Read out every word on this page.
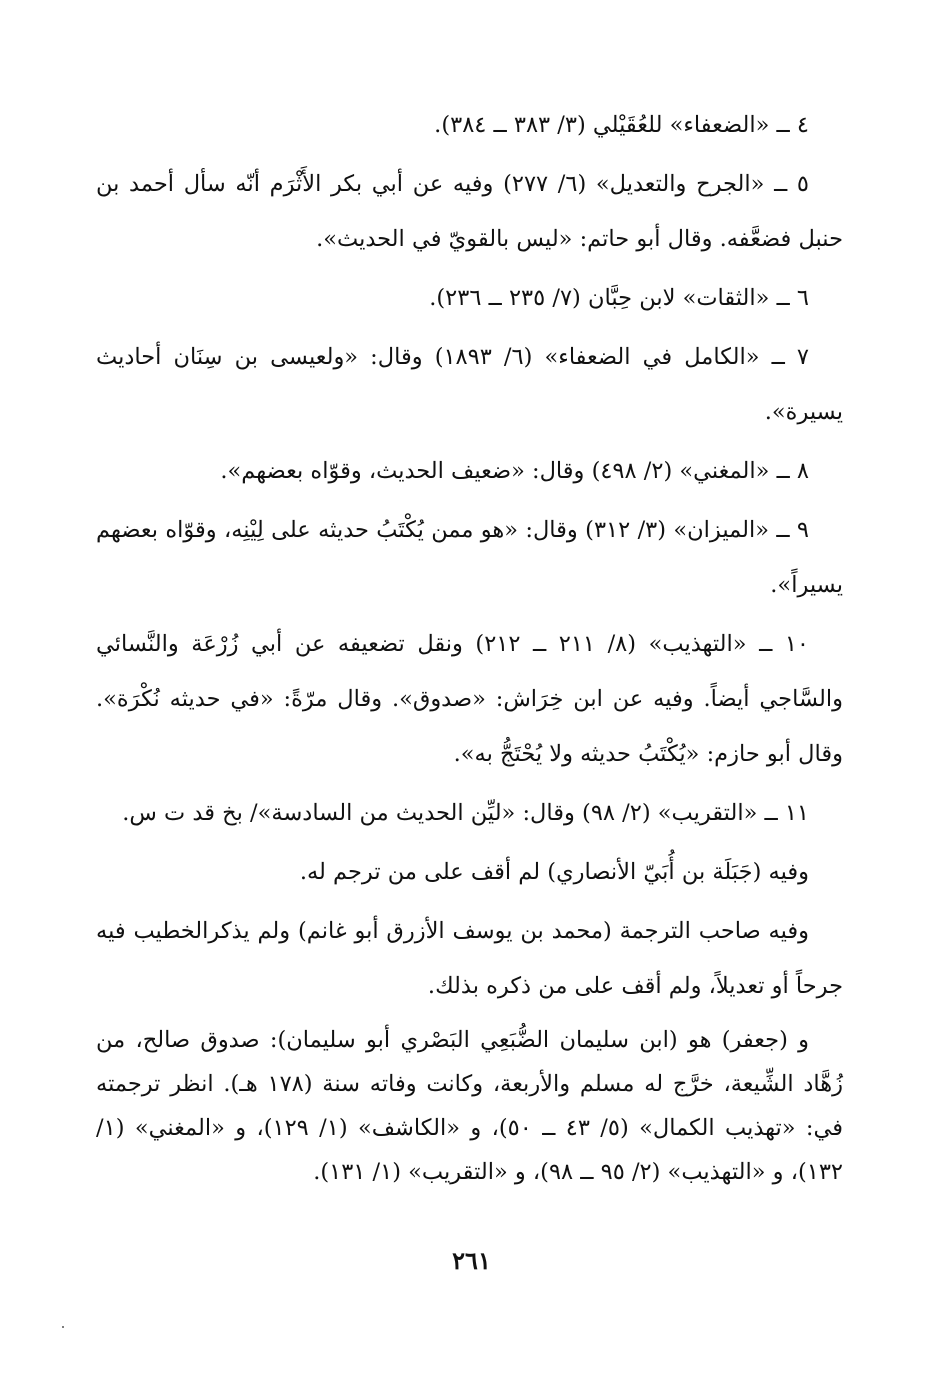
٤ ــ «الضعفاء» للعُقَيْلي (٣/ ٣٨٣ ــ ٣٨٤).

٥ ــ «الجرح والتعديل» (٦/ ٢٧٧) وفيه عن أبي بكر الأَثْرَم أنّه سأل أحمد بن حنبل فضعَّفه. وقال أبو حاتم: «ليس بالقويّ في الحديث».

٦ ــ «الثقات» لابن حِبَّان (٧/ ٢٣٥ ــ ٢٣٦).

٧ ــ «الكامل في الضعفاء» (٦/ ١٨٩٣) وقال: «ولعيسى بن سِنَان أحاديث يسيرة».

٨ ــ «المغني» (٢/ ٤٩٨) وقال: «ضعيف الحديث، وقوّاه بعضهم».

٩ ــ «الميزان» (٣/ ٣١٢) وقال: «هو ممن يُكْتَبُ حديثه على لِيْنِه، وقوّاه بعضهم يسيراً».

١٠ ــ «التهذيب» (٨/ ٢١١ ــ ٢١٢) ونقل تضعيفه عن أبي زُرْعَة والنَّسائي والسَّاجي أيضاً. وفيه عن ابن خِرَاش: «صدوق». وقال مرّةً: «في حديثه نُكْرَة». وقال أبو حازم: «يُكْتَبُ حديثه ولا يُحْتَجُّ به».

١١ ــ «التقريب» (٢/ ٩٨) وقال: «ليِّن الحديث من السادسة»/ بخ قد ت س.

وفيه (جَبَلَة بن أُبَيّ الأنصاري) لم أقف على من ترجم له.

وفيه صاحب الترجمة (محمد بن يوسف الأزرق أبو غانم) ولم يذكرالخطيب فيه جرحاً أو تعديلاً، ولم أقف على من ذكره بذلك.

و (جعفر) هو (ابن سليمان الضُّبَعِي البَصْري أبو سليمان): صدوق صالح، من زُهَّاد الشِّيعة، خرَّج له مسلم والأربعة، وكانت وفاته سنة (١٧٨ هـ). انظر ترجمته في: «تهذيب الكمال» (٥/ ٤٣ ــ ٥٠)، و «الكاشف» (١/ ١٢٩)، و «المغني» (١/ ١٣٢)، و «التهذيب» (٢/ ٩٥ ــ ٩٨)، و «التقريب» (١/ ١٣١).

٢٦١
